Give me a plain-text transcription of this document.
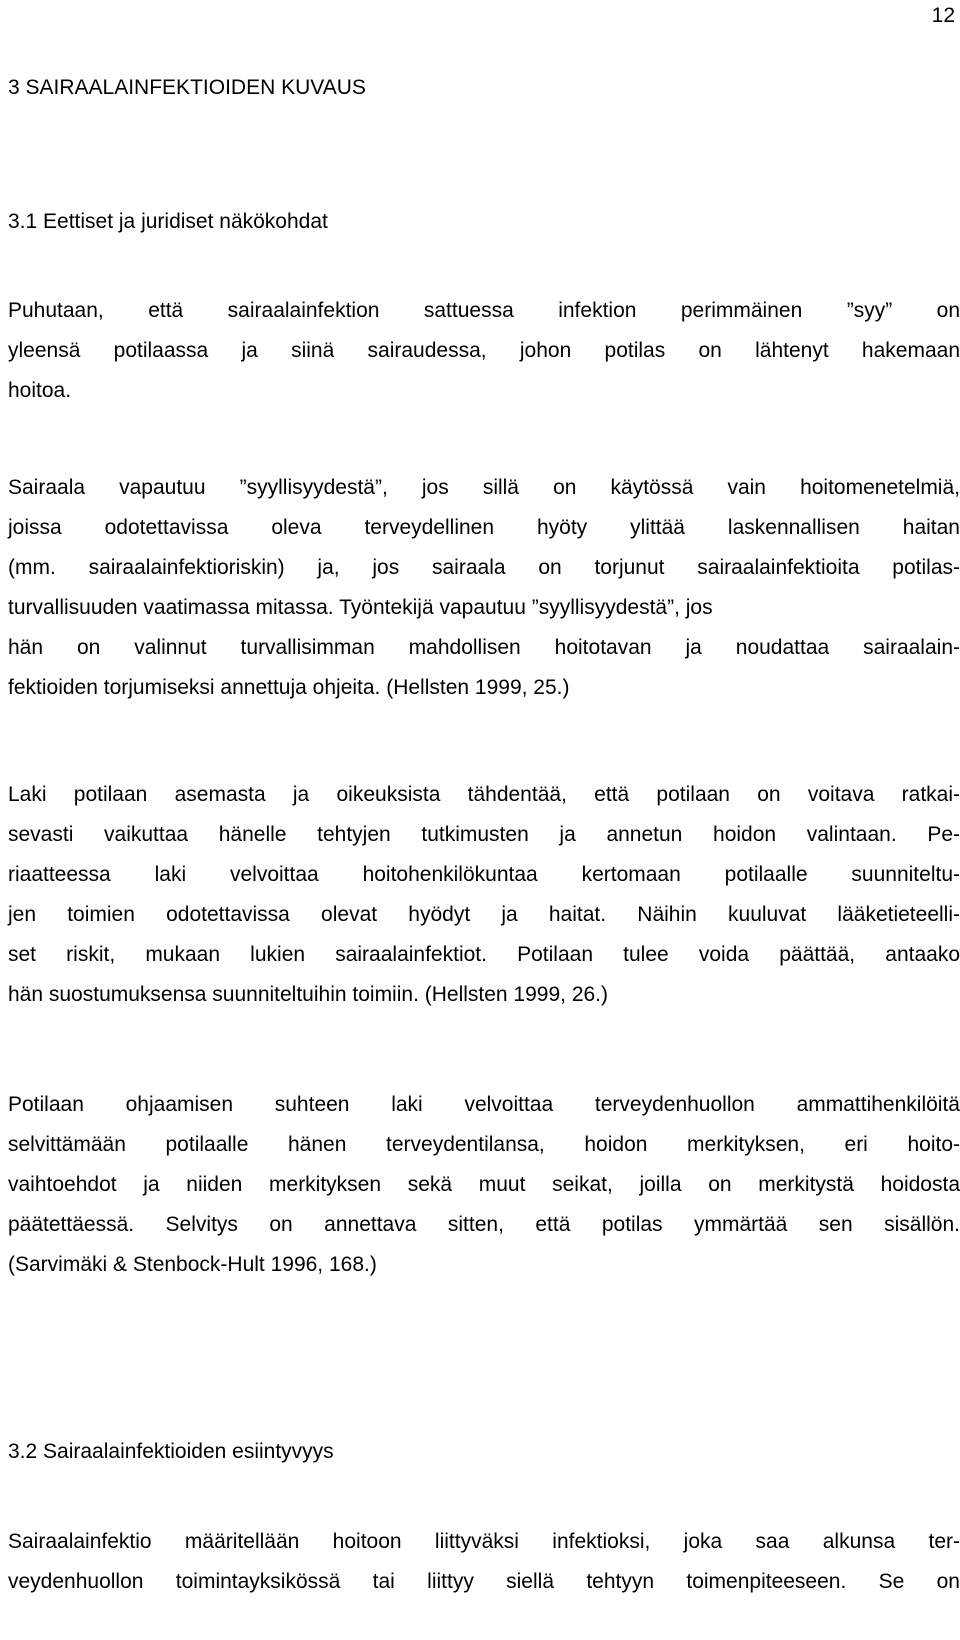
12
3 SAIRAALAINFEKTIOIDEN KUVAUS
3.1 Eettiset ja juridiset näkökohdat
Puhutaan, että sairaalainfektion sattuessa infektion perimmäinen ”syy” on
yleensä potilaassa ja siinä sairaudessa, johon potilas on lähtenyt hakemaan
hoitoa.
Sairaala vapautuu ”syyllisyydestä”, jos sillä on käytössä vain hoitomenetelmiä,
joissa odotettavissa oleva terveydellinen hyöty ylittää laskennallisen haitan
(mm. sairaalainfektioriskin) ja, jos sairaala on torjunut sairaalainfektioita potilas-
turvallisuuden vaatimassa mitassa. Työntekijä vapautuu ”syyllisyydestä”, jos
hän on valinnut turvallisimman mahdollisen hoitotavan ja noudattaa sairaalain-
fektioiden torjumiseksi annettuja ohjeita. (Hellsten 1999, 25.)
Laki potilaan asemasta ja oikeuksista tähdentää, että potilaan on voitava ratkai-
sevasti vaikuttaa hänelle tehtyjen tutkimusten ja annetun hoidon valintaan. Pe-
riaatteessa laki velvoittaa hoitohenkilökuntaa kertomaan potilaalle suunniteltu-
jen toimien odotettavissa olevat hyödyt ja haitat. Näihin kuuluvat lääketieteelli-
set riskit, mukaan lukien sairaalainfektiot. Potilaan tulee voida päättää, antaako
hän suostumuksensa suunniteltuihin toimiin. (Hellsten 1999, 26.)
Potilaan ohjaamisen suhteen laki velvoittaa terveydenhuollon ammattihenkilöitä
selvittämään potilaalle hänen terveydentilansa, hoidon merkityksen, eri hoito-
vaihtoehdot ja niiden merkityksen sekä muut seikat, joilla on merkitystä hoidosta
päätettäessä. Selvitys on annettava sitten, että potilas ymmärtää sen sisällön.
(Sarvimäki & Stenbock-Hult 1996, 168.)
3.2 Sairaalainfektioiden esiintyvyys
Sairaalainfektio määritellään hoitoon liittyväksi infektioksi, joka saa alkunsa ter-
veydenhuollon toimintayksikössä tai liittyy siellä tehtyyn toimenpiteeseen. Se on
